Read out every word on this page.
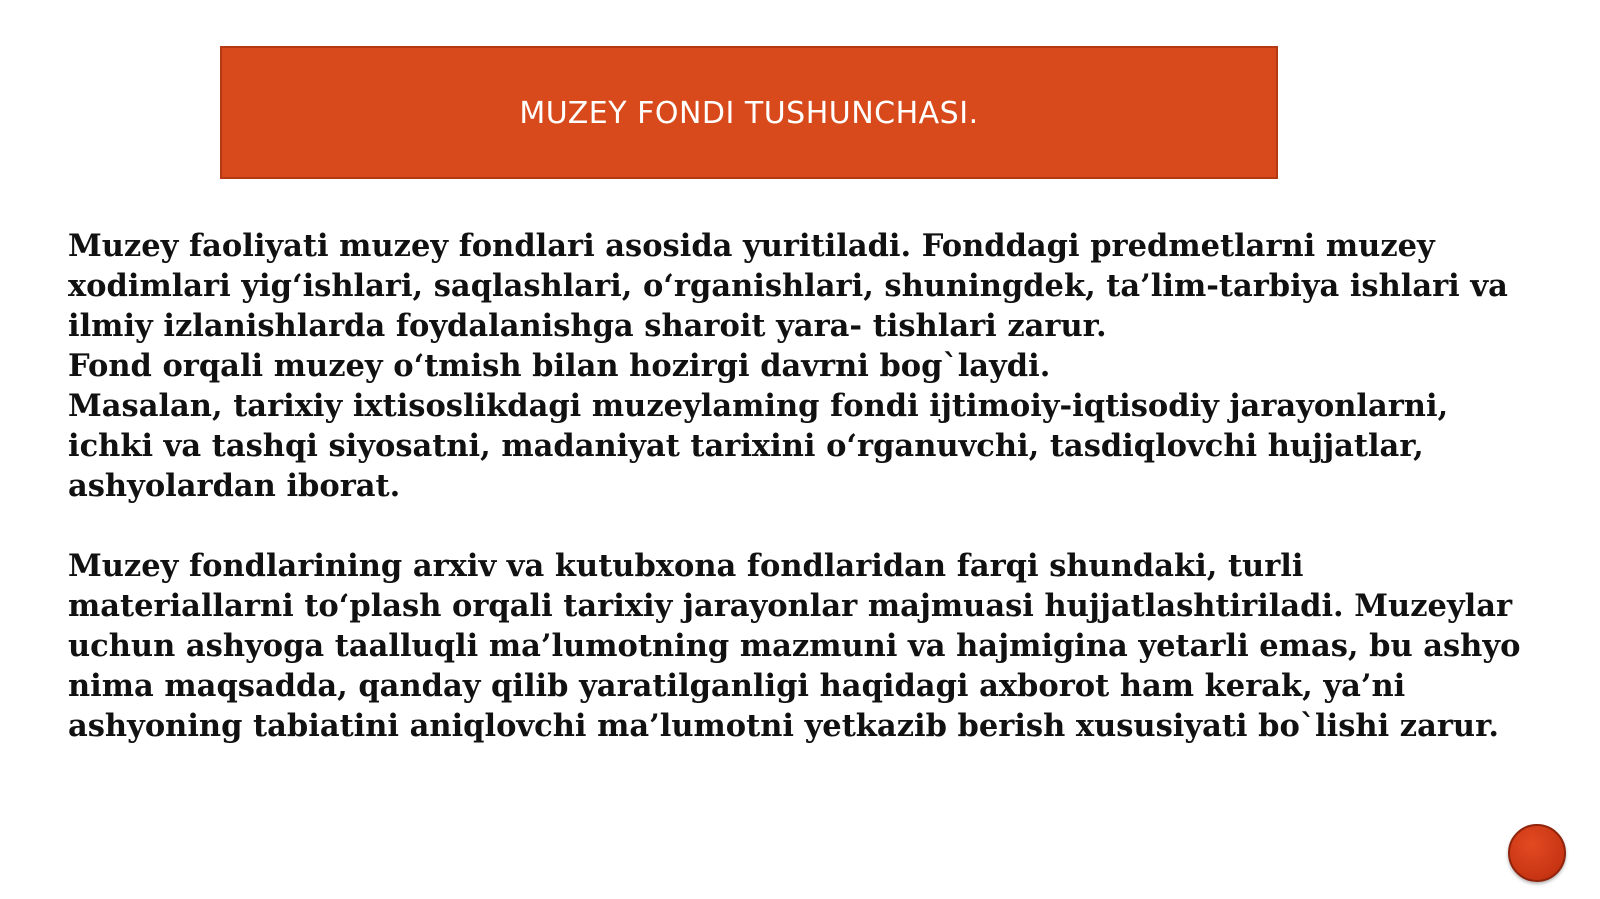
MUZEY FONDI TUSHUNCHASI.

Muzey faoliyati muzey fondlari asosida yuritiladi. Fonddagi predmetlarni muzey xodimlari yig‘ishlari, saqlashlari, o‘rganishlari, shuningdek, ta’lim-tarbiya ishlari va ilmiy izlanishlarda foydalanishga sharoit yara- tishlari zarur.

Fond orqali muzey o‘tmish bilan hozirgi davrni bog`laydi.

Masalan, tarixiy ixtisoslikdagi muzeylaming fondi ijtimoiy-iqtisodiy jarayonlarni, ichki va tashqi siyosatni, madaniyat tarixini o‘rganuvchi, tasdiqlovchi hujjatlar, ashyolardan iborat.

Muzey fondlarining arxiv va kutubxona fondlaridan farqi shundaki, turli materiallarni to‘plash orqali tarixiy jarayonlar majmuasi hujjatlashtiriladi. Muzeylar uchun ashyoga taalluqli ma’lumotning mazmuni va hajmigina yetarli emas, bu ashyo nima maqsadda, qanday qilib yaratilganligi haqidagi axborot ham kerak, ya’ni ashyoning tabiatini aniqlovchi ma’lumotni yetkazib berish xususiyati bo`lishi zarur.
